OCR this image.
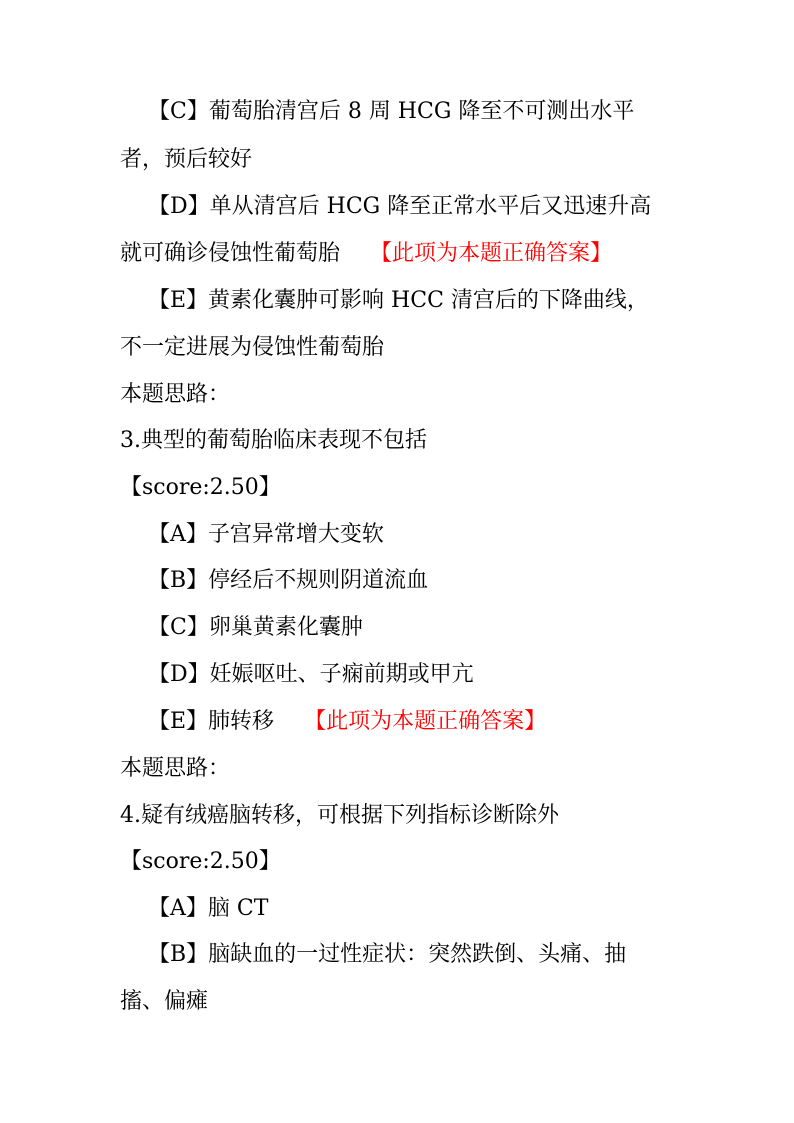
【C】葡萄胎清宫后 8 周 HCG 降至不可测出水平
者，预后较好
【D】单从清宫后 HCG 降至正常水平后又迅速升高
就可确诊侵蚀性葡萄胎 【此项为本题正确答案】
【E】黄素化囊肿可影响 HCC 清宫后的下降曲线，
不一定进展为侵蚀性葡萄胎
本题思路：
3.典型的葡萄胎临床表现不包括
【score:2.50】
【A】子宫异常增大变软
【B】停经后不规则阴道流血
【C】卵巢黄素化囊肿
【D】妊娠呕吐、子痫前期或甲亢
【E】肺转移 【此项为本题正确答案】
本题思路：
4.疑有绒癌脑转移，可根据下列指标诊断除外
【score:2.50】
【A】脑 CT
【B】脑缺血的一过性症状：突然跌倒、头痛、抽
搐、偏瘫
